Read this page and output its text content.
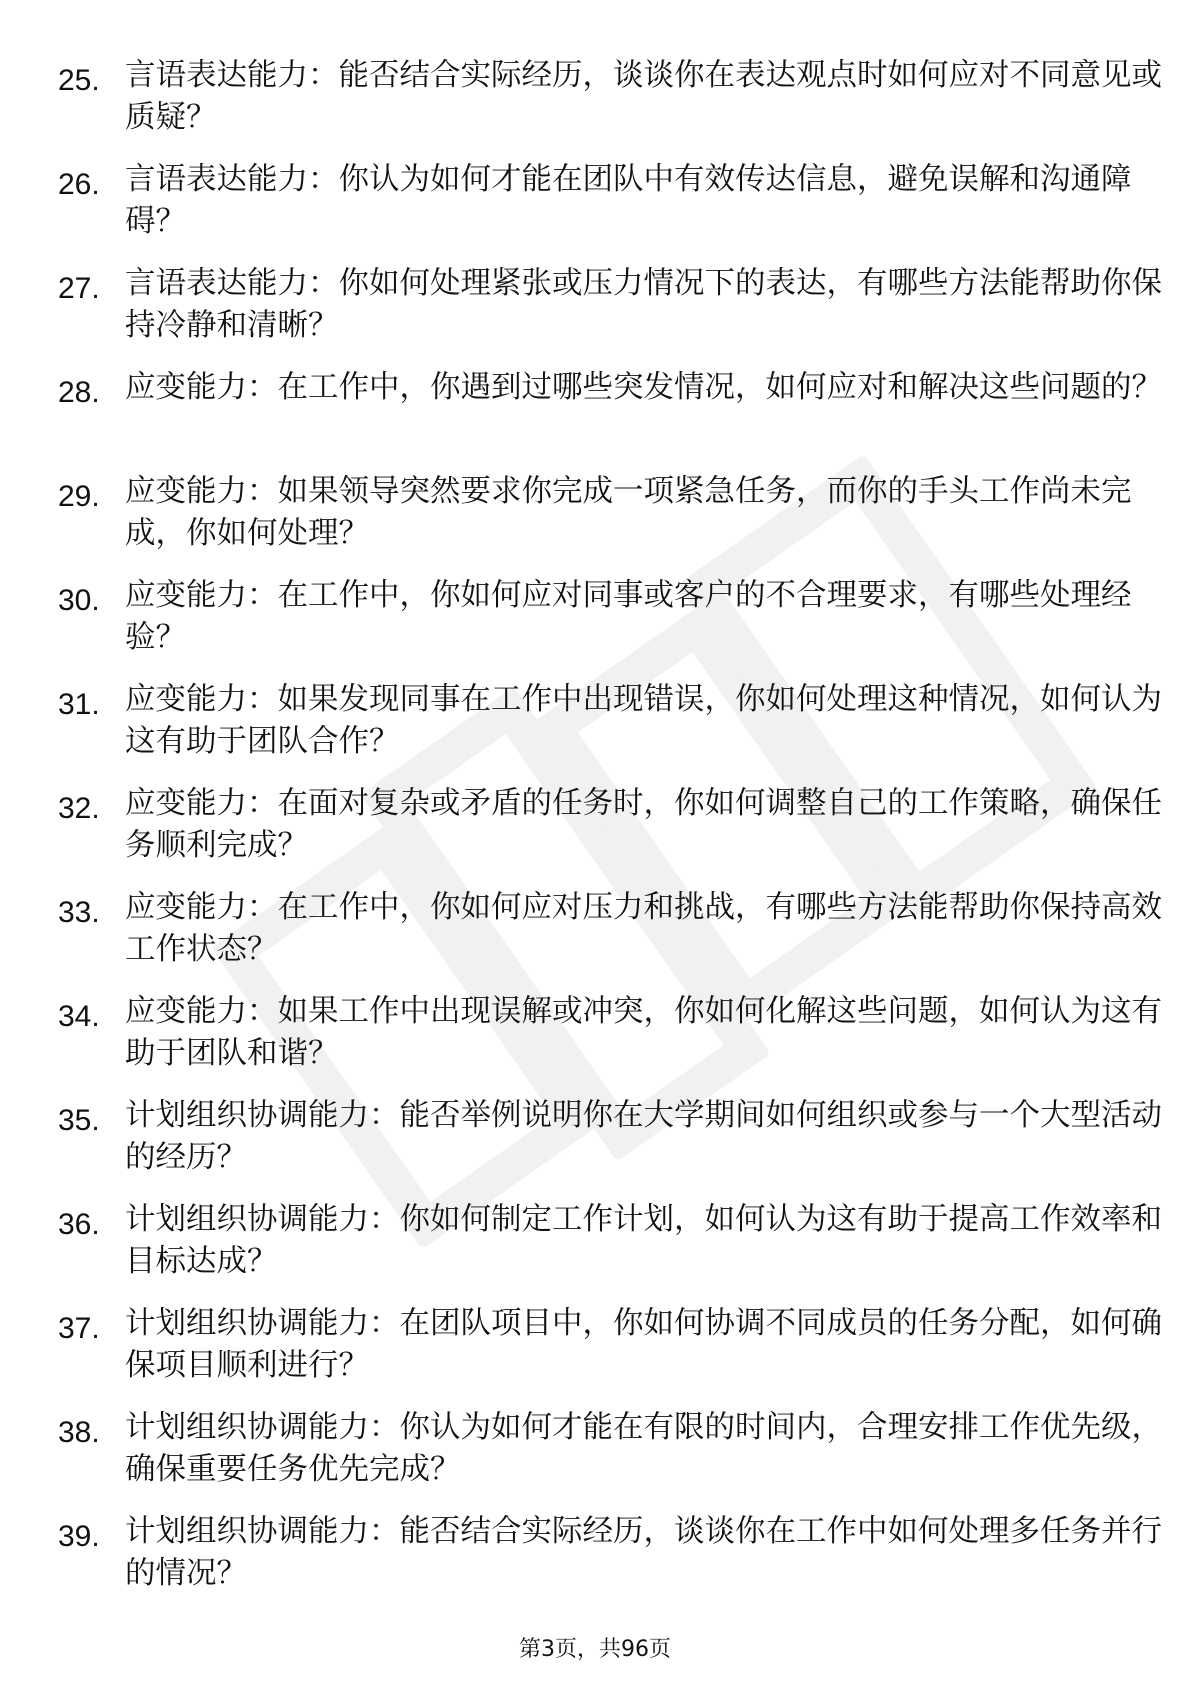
25. 言语表达能力：能否结合实际经历，谈谈你在表达观点时如何应对不同意见或质疑？
26. 言语表达能力：你认为如何才能在团队中有效传达信息，避免误解和沟通障碍？
27. 言语表达能力：你如何处理紧张或压力情况下的表达，有哪些方法能帮助你保持冷静和清晰？
28. 应变能力：在工作中，你遇到过哪些突发情况，如何应对和解决这些问题的？
29. 应变能力：如果领导突然要求你完成一项紧急任务，而你的手头工作尚未完成，你如何处理？
30. 应变能力：在工作中，你如何应对同事或客户的不合理要求，有哪些处理经验？
31. 应变能力：如果发现同事在工作中出现错误，你如何处理这种情况，如何认为这有助于团队合作？
32. 应变能力：在面对复杂或矛盾的任务时，你如何调整自己的工作策略，确保任务顺利完成？
33. 应变能力：在工作中，你如何应对压力和挑战，有哪些方法能帮助你保持高效工作状态？
34. 应变能力：如果工作中出现误解或冲突，你如何化解这些问题，如何认为这有助于团队和谐？
35. 计划组织协调能力：能否举例说明你在大学期间如何组织或参与一个大型活动的经历？
36. 计划组织协调能力：你如何制定工作计划，如何认为这有助于提高工作效率和目标达成？
37. 计划组织协调能力：在团队项目中，你如何协调不同成员的任务分配，如何确保项目顺利进行？
38. 计划组织协调能力：你认为如何才能在有限的时间内，合理安排工作优先级，确保重要任务优先完成？
39. 计划组织协调能力：能否结合实际经历，谈谈你在工作中如何处理多任务并行的情况？
第3页，共96页
